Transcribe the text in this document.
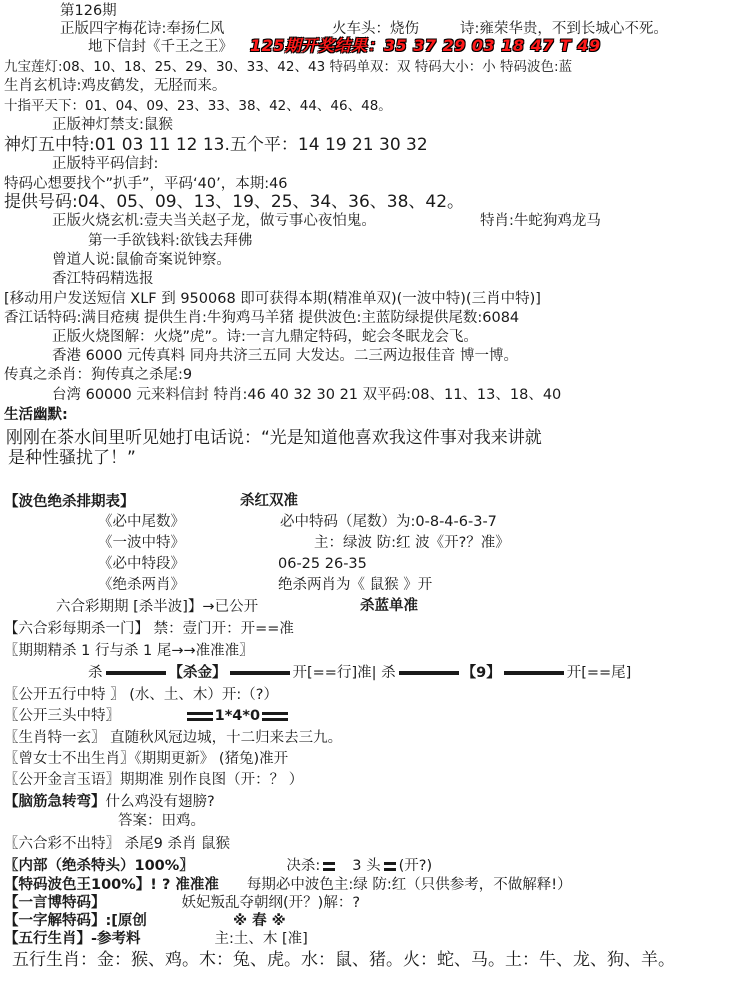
第126期
正版四字梅花诗:奉扬仁风	火车头：烧伤	诗:雍荣华贵，不到长城心不死。
地下信封《千王之王》 125期开奖结果：35 37 29 03 18 47 T 49
九宝莲灯:08、10、18、25、29、30、33、42、43 特码单双：双 特码大小：小 特码波色:蓝
生肖玄机诗:鸡皮鹤发，无胫而来。
十指平天下：01、04、09、23、33、38、42、44、46、48。
正版神灯禁支:鼠猴
神灯五中特:01 03 11 12 13.五个平：14 19 21 30 32
正版特平码信封:
特码心想要找个”扒手”，平码‘40’，本期:46
提供号码:04、05、09、13、19、25、34、36、38、42。
正版火烧玄机:壹夫当关赵子龙，做亏事心夜怕鬼。	特肖:牛蛇狗鸡龙马
第一手欲钱料:欲钱去拜佛
曾道人说:鼠偷奇案说钟察。
香江特码精选报
[移动用户发送短信 XLF 到 950068 即可获得本期(精准单双)(一波中特)(三肖中特)]
香江话特码:满目疮痍 提供生肖:牛狗鸡马羊猪 提供波色:主蓝防绿提供尾数:6084
正版火烧图解：火烧”虎”。诗:一言九鼎定特码，蛇会冬眠龙会飞。
香港 6000 元传真料 同舟共济三五同 大发达。二三两边报佳音 博一博。
传真之杀肖：狗传真之杀尾:9
台湾 60000 元来料信封 特肖:46 40 32 30 21 双平码:08、11、13、18、40
生活幽默:
刚刚在茶水间里听见她打电话说：“光是知道他喜欢我这件事对我来讲就
是种性骚扰了！”
【波色绝杀排期表】	杀红双准
《必中尾数》	必中特码（尾数）为:0-8-4-6-3-7
《一波中特》	主：绿波 防:红 波《开?？准》
《必中特段》	06-25 26-35
《绝杀两肖》	绝杀两肖为《 鼠猴 》开
六合彩期期 [杀半波]】→已公开	杀蓝单准
【六合彩每期杀一门】 禁：壹门开：开==准
〖期期精杀 1 行与杀 1 尾→→准准准〗
杀	【杀金】	开[==行]准| 杀	【9】	开[==尾]
〖公开五行中特 〗 (水、土、木）开:（?）
〖公开三头中特〗	1*4*0
〖生肖特一玄〗 直随秋风冠边城，十二归来去三九。
〖曾女士不出生肖〗《期期更新》 (猪兔)准开
〖公开金言玉语〗期期准 别作良图（开：？ ）
【脑筋急转弯】什么鸡没有翅膀?
答案：田鸡。
〖六合彩不出特〗 杀尾9 杀肖 鼠猴
〖内部（绝杀特头）100%〗	决杀: 3 头 (开?)
【特码波色王100%】! ? 准准准 每期必中波色主:绿 防:红（只供参考，不做解释!）
【一言博特码】	妖妃叛乱夺朝纲(开？)解：?
【一字解特码】:[原创	※ 春 ※
【五行生肖】-参考料	主:土、木 [准]
五行生肖：金：猴、鸡。木：兔、虎。水：鼠、猪。火：蛇、马。土：牛、龙、狗、羊。
